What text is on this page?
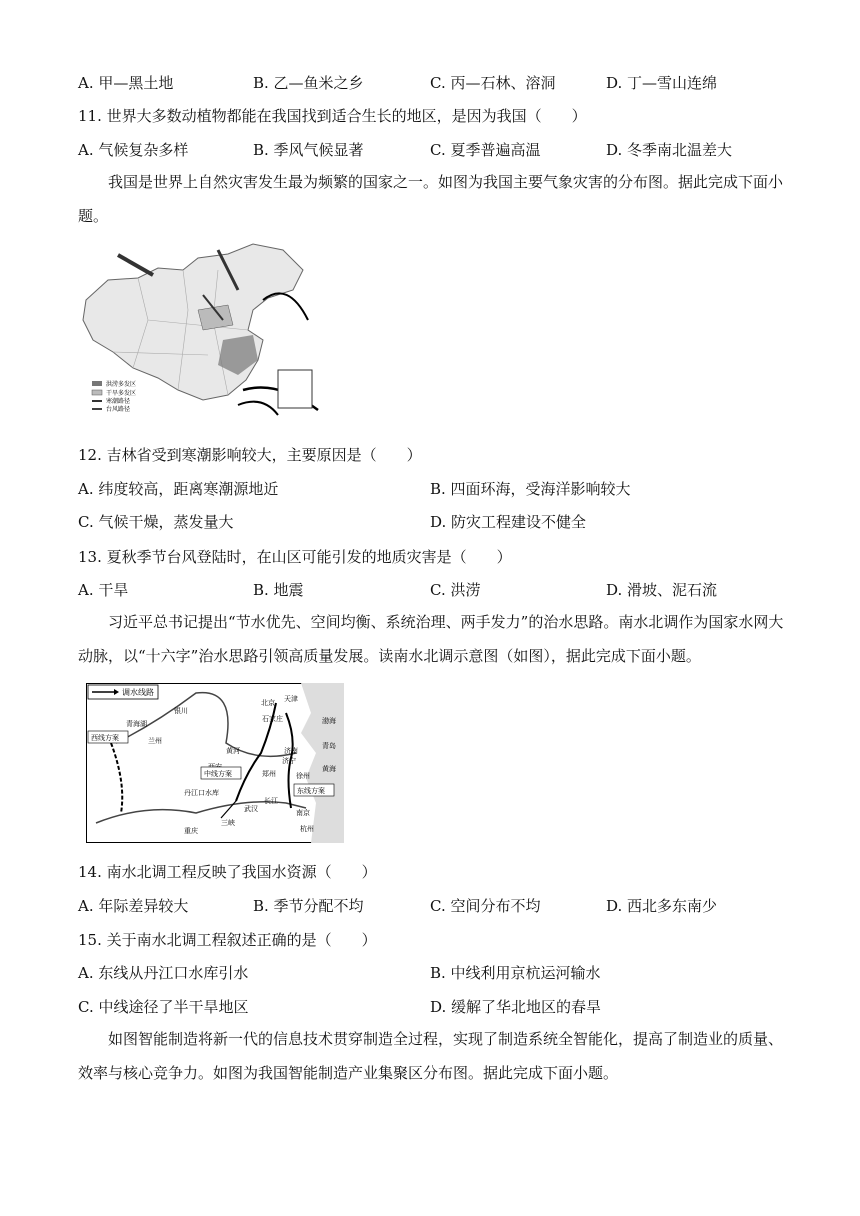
A. 甲—黑土地	B. 乙—鱼米之乡	C. 丙—石林、溶洞	D. 丁—雪山连绵
11. 世界大多数动植物都能在我国找到适合生长的地区，是因为我国（　　）
A. 气候复杂多样	B. 季风气候显著	C. 夏季普遍高温	D. 冬季南北温差大
我国是世界上自然灾害发生最为频繁的国家之一。如图为我国主要气象灾害的分布图。据此完成下面小题。
洪涝多发区
干旱多发区
寒潮路径
台风路径
12. 吉林省受到寒潮影响较大，主要原因是（　　）
A. 纬度较高，距离寒潮源地近	B. 四面环海，受海洋影响较大
C. 气候干燥，蒸发量大	D. 防灾工程建设不健全
13. 夏秋季节台风登陆时，在山区可能引发的地质灾害是（　　）
A. 干旱	B. 地震	C. 洪涝	D. 滑坡、泥石流
习近平总书记提出“节水优先、空间均衡、系统治理、两手发力”的治水思路。南水北调作为国家水网大动脉，以“十六字”治水思路引领高质量发展。读南水北调示意图（如图），据此完成下面小题。
调水线路
青海湖
银川
北京 天津
石家庄
济南
济宁
徐州
青岛
渤海
黄海
郑州
兰州
黄河
西线方案
中线方案
东线方案
丹江口水库
武汉	南京
杭州
重庆
三峡
长江
14. 南水北调工程反映了我国水资源（　　）
A. 年际差异较大	B. 季节分配不均	C. 空间分布不均	D. 西北多东南少
15. 关于南水北调工程叙述正确的是（　　）
A. 东线从丹江口水库引水	B. 中线利用京杭运河输水
C. 中线途径了半干旱地区	D. 缓解了华北地区的春旱
如图智能制造将新一代的信息技术贯穿制造全过程，实现了制造系统全智能化，提高了制造业的质量、效率与核心竞争力。如图为我国智能制造产业集聚区分布图。据此完成下面小题。
